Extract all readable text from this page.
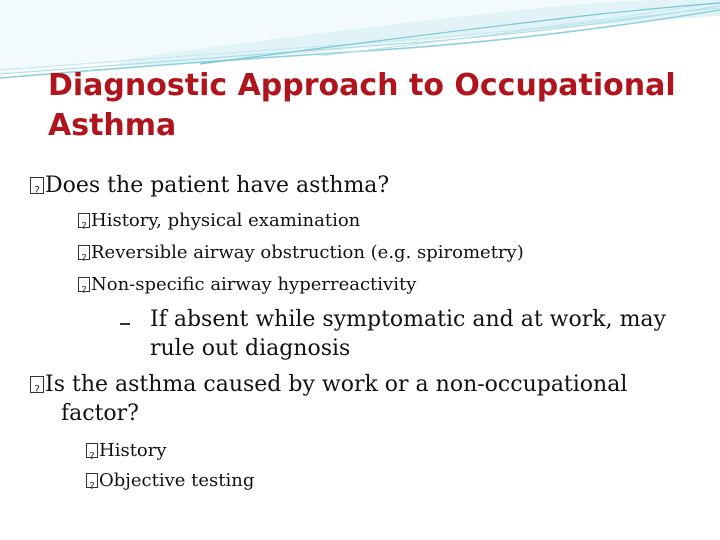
Diagnostic Approach to Occupational
Asthma

?Does the patient have asthma?

?History, physical examination

?Reversible airway obstruction (e.g. spirometry)

?Non-specific airway hyperreactivity

If absent while symptomatic and at work, may

rule out diagnosis

?Is the asthma caused by work or a non-occupational

factor?

?History

?Objective testing
